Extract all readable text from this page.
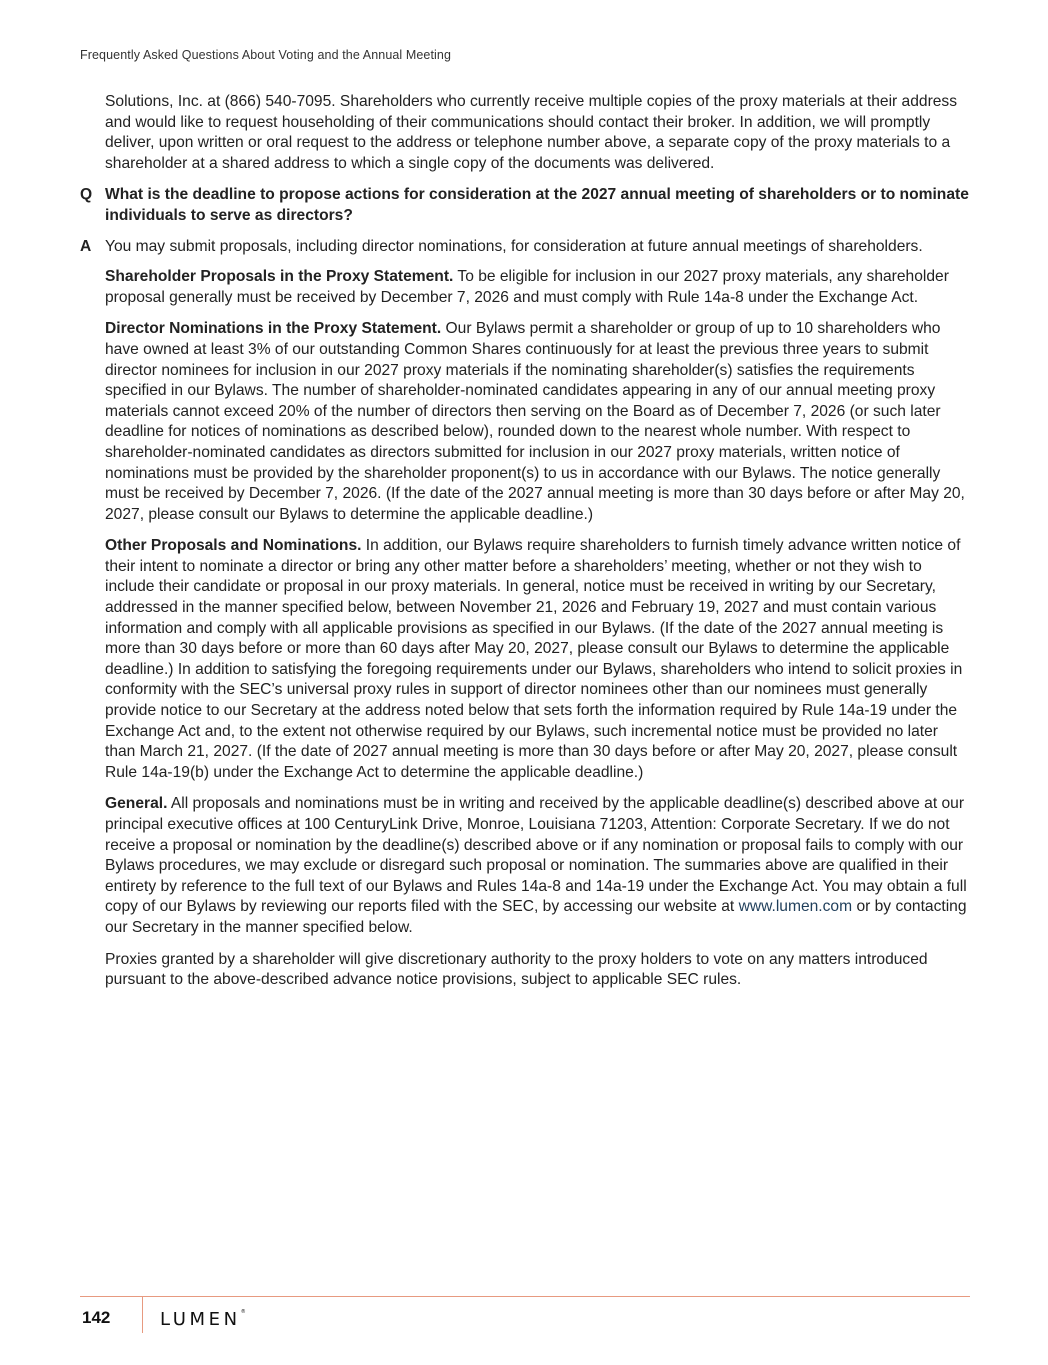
Frequently Asked Questions About Voting and the Annual Meeting

Solutions, Inc. at (866) 540-7095. Shareholders who currently receive multiple copies of the proxy materials at their address and would like to request householding of their communications should contact their broker. In addition, we will promptly deliver, upon written or oral request to the address or telephone number above, a separate copy of the proxy materials to a shareholder at a shared address to which a single copy of the documents was delivered.

Q What is the deadline to propose actions for consideration at the 2027 annual meeting of shareholders or to nominate individuals to serve as directors?
A You may submit proposals, including director nominations, for consideration at future annual meetings of shareholders.

Shareholder Proposals in the Proxy Statement. To be eligible for inclusion in our 2027 proxy materials, any shareholder proposal generally must be received by December 7, 2026 and must comply with Rule 14a-8 under the Exchange Act.

Director Nominations in the Proxy Statement. Our Bylaws permit a shareholder or group of up to 10 shareholders who have owned at least 3% of our outstanding Common Shares continuously for at least the previous three years to submit director nominees for inclusion in our 2027 proxy materials if the nominating shareholder(s) satisfies the requirements specified in our Bylaws. The number of shareholder-nominated candidates appearing in any of our annual meeting proxy materials cannot exceed 20% of the number of directors then serving on the Board as of December 7, 2026 (or such later deadline for notices of nominations as described below), rounded down to the nearest whole number. With respect to shareholder-nominated candidates as directors submitted for inclusion in our 2027 proxy materials, written notice of nominations must be provided by the shareholder proponent(s) to us in accordance with our Bylaws. The notice generally must be received by December 7, 2026. (If the date of the 2027 annual meeting is more than 30 days before or after May 20, 2027, please consult our Bylaws to determine the applicable deadline.)

Other Proposals and Nominations. In addition, our Bylaws require shareholders to furnish timely advance written notice of their intent to nominate a director or bring any other matter before a shareholders’ meeting, whether or not they wish to include their candidate or proposal in our proxy materials. In general, notice must be received in writing by our Secretary, addressed in the manner specified below, between November 21, 2026 and February 19, 2027 and must contain various information and comply with all applicable provisions as specified in our Bylaws. (If the date of the 2027 annual meeting is more than 30 days before or more than 60 days after May 20, 2027, please consult our Bylaws to determine the applicable deadline.) In addition to satisfying the foregoing requirements under our Bylaws, shareholders who intend to solicit proxies in conformity with the SEC’s universal proxy rules in support of director nominees other than our nominees must generally provide notice to our Secretary at the address noted below that sets forth the information required by Rule 14a-19 under the Exchange Act and, to the extent not otherwise required by our Bylaws, such incremental notice must be provided no later than March 21, 2027. (If the date of 2027 annual meeting is more than 30 days before or after May 20, 2027, please consult Rule 14a-19(b) under the Exchange Act to determine the applicable deadline.)

General. All proposals and nominations must be in writing and received by the applicable deadline(s) described above at our principal executive offices at 100 CenturyLink Drive, Monroe, Louisiana 71203, Attention: Corporate Secretary. If we do not receive a proposal or nomination by the deadline(s) described above or if any nomination or proposal fails to comply with our Bylaws procedures, we may exclude or disregard such proposal or nomination. The summaries above are qualified in their entirety by reference to the full text of our Bylaws and Rules 14a-8 and 14a-19 under the Exchange Act. You may obtain a full copy of our Bylaws by reviewing our reports filed with the SEC, by accessing our website at www.lumen.com or by contacting our Secretary in the manner specified below.

Proxies granted by a shareholder will give discretionary authority to the proxy holders to vote on any matters introduced pursuant to the above-described advance notice provisions, subject to applicable SEC rules.

142	LUMEN®
